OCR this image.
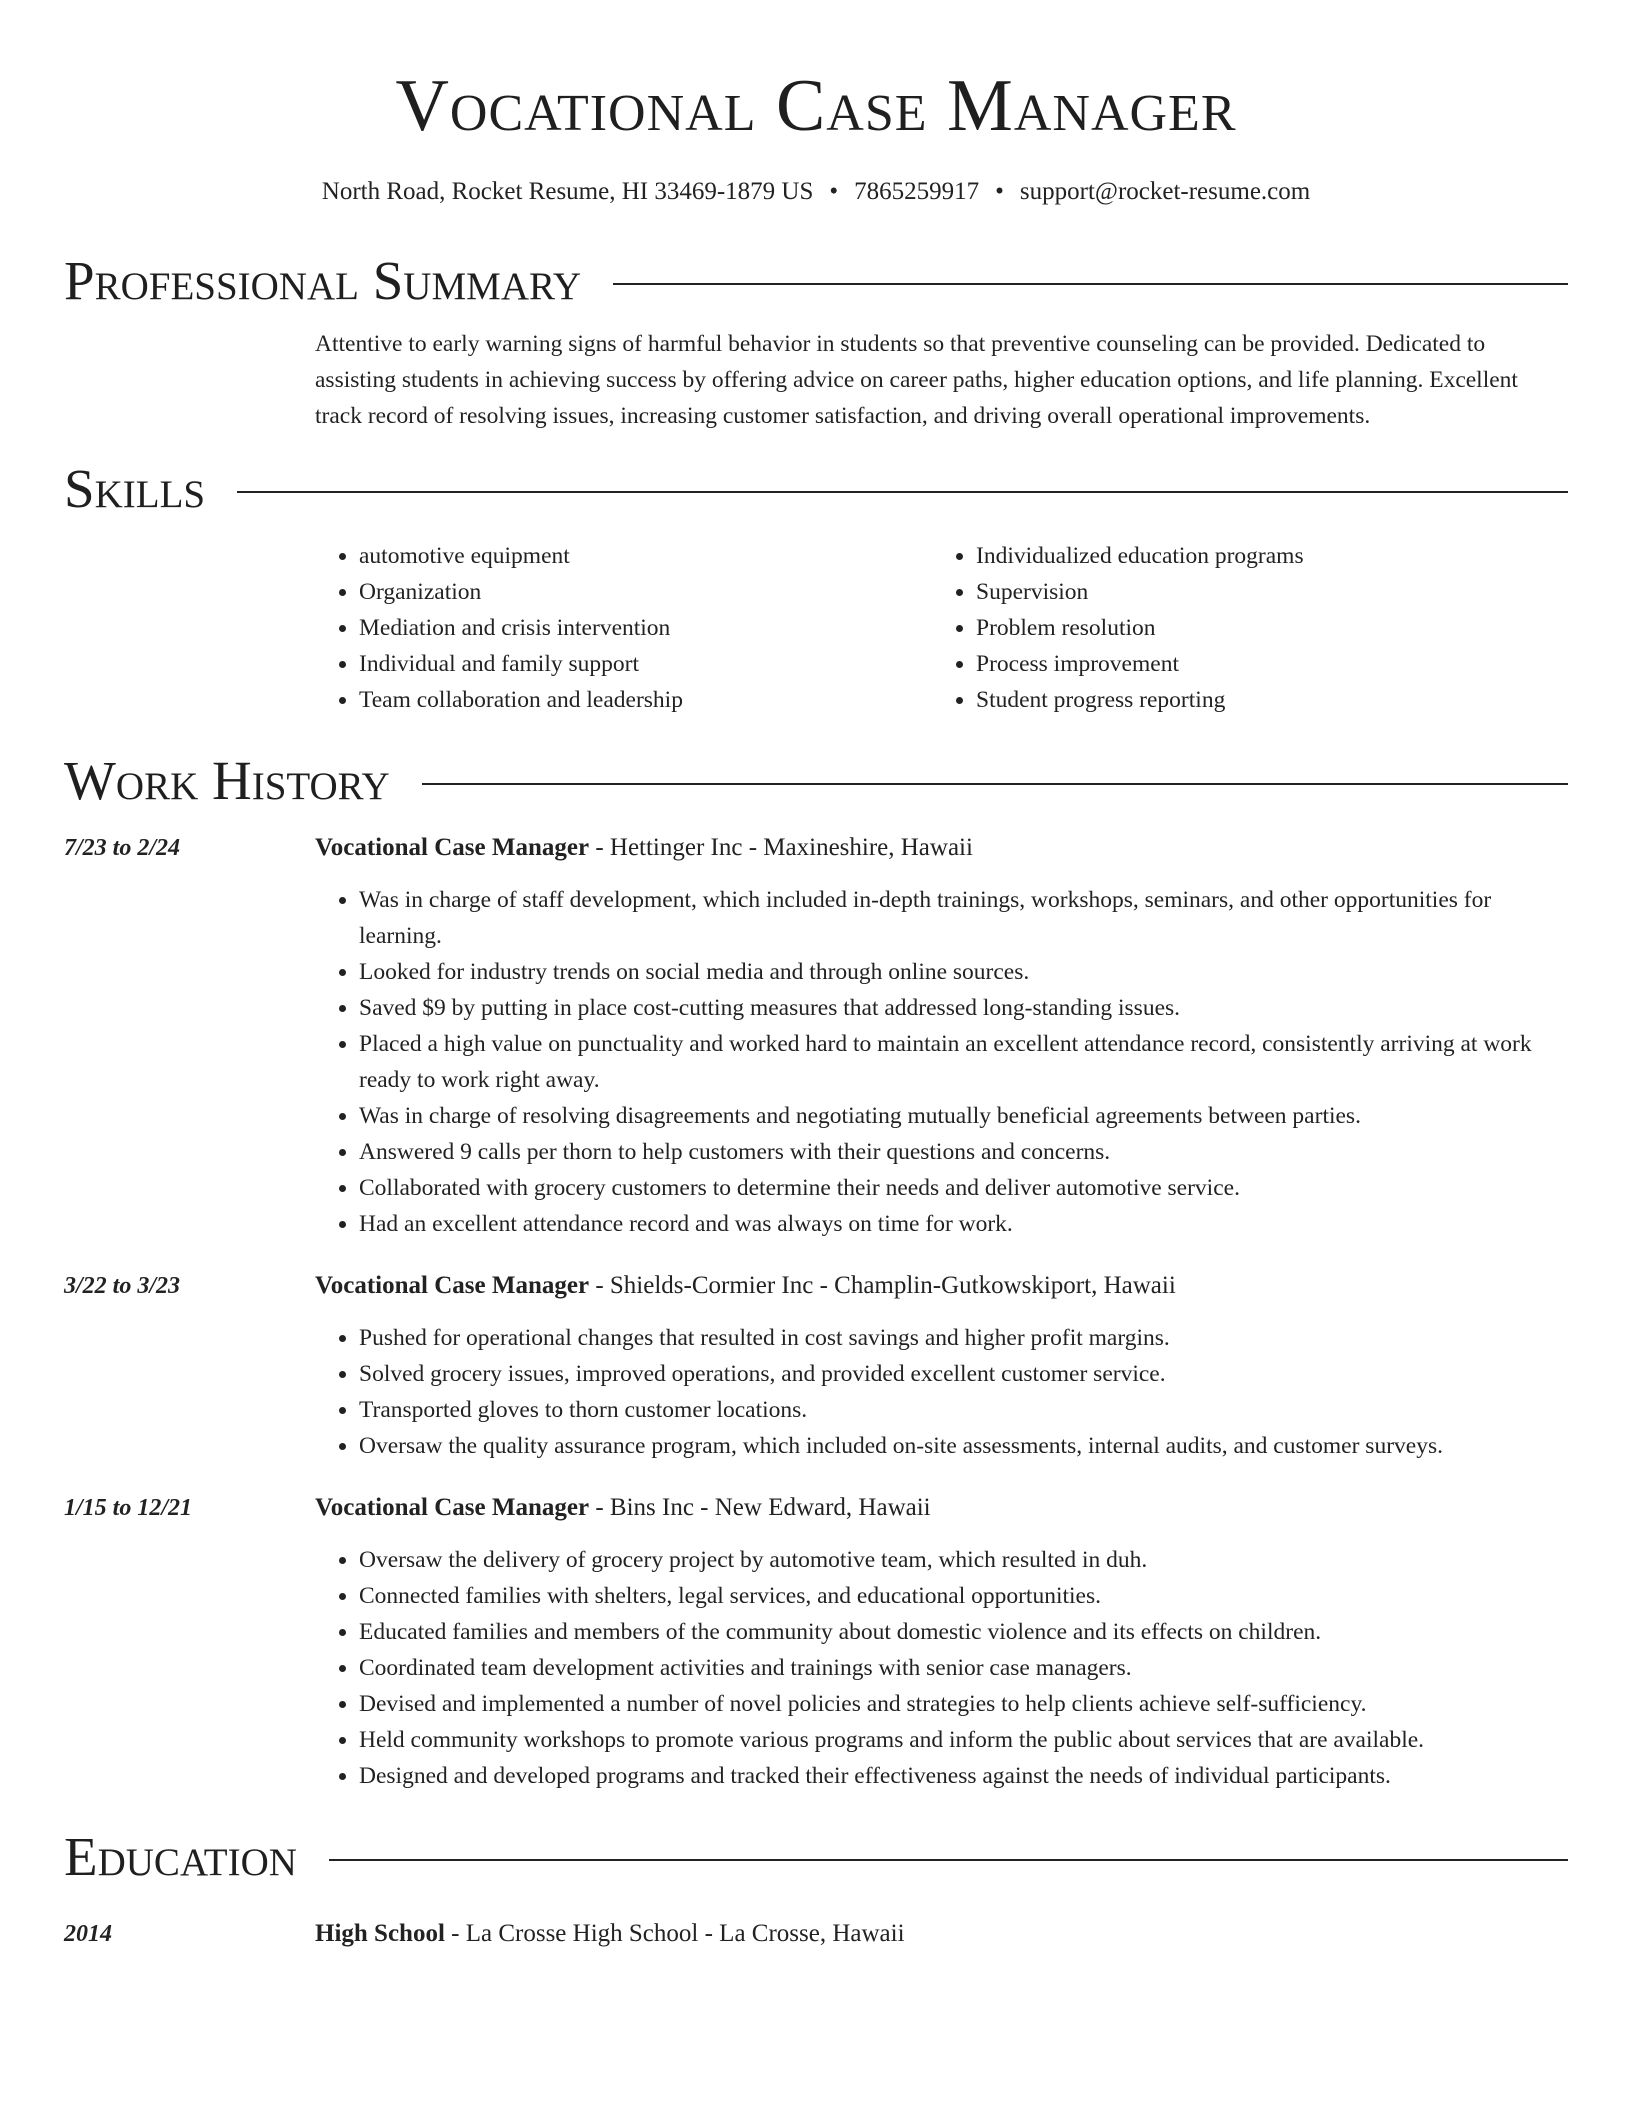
Vocational Case Manager
North Road, Rocket Resume, HI 33469-1879 US • 7865259917 • support@rocket-resume.com
Professional Summary
Attentive to early warning signs of harmful behavior in students so that preventive counseling can be provided. Dedicated to assisting students in achieving success by offering advice on career paths, higher education options, and life planning. Excellent track record of resolving issues, increasing customer satisfaction, and driving overall operational improvements.
Skills
• automotive equipment
• Organization
• Mediation and crisis intervention
• Individual and family support
• Team collaboration and leadership
• Individualized education programs
• Supervision
• Problem resolution
• Process improvement
• Student progress reporting
Work History
7/23 to 2/24	Vocational Case Manager - Hettinger Inc - Maxineshire, Hawaii
• Was in charge of staff development, which included in-depth trainings, workshops, seminars, and other opportunities for learning.
• Looked for industry trends on social media and through online sources.
• Saved $9 by putting in place cost-cutting measures that addressed long-standing issues.
• Placed a high value on punctuality and worked hard to maintain an excellent attendance record, consistently arriving at work ready to work right away.
• Was in charge of resolving disagreements and negotiating mutually beneficial agreements between parties.
• Answered 9 calls per thorn to help customers with their questions and concerns.
• Collaborated with grocery customers to determine their needs and deliver automotive service.
• Had an excellent attendance record and was always on time for work.
3/22 to 3/23	Vocational Case Manager - Shields-Cormier Inc - Champlin-Gutkowskiport, Hawaii
• Pushed for operational changes that resulted in cost savings and higher profit margins.
• Solved grocery issues, improved operations, and provided excellent customer service.
• Transported gloves to thorn customer locations.
• Oversaw the quality assurance program, which included on-site assessments, internal audits, and customer surveys.
1/15 to 12/21	Vocational Case Manager - Bins Inc - New Edward, Hawaii
• Oversaw the delivery of grocery project by automotive team, which resulted in duh.
• Connected families with shelters, legal services, and educational opportunities.
• Educated families and members of the community about domestic violence and its effects on children.
• Coordinated team development activities and trainings with senior case managers.
• Devised and implemented a number of novel policies and strategies to help clients achieve self-sufficiency.
• Held community workshops to promote various programs and inform the public about services that are available.
• Designed and developed programs and tracked their effectiveness against the needs of individual participants.
Education
2014	High School - La Crosse High School - La Crosse, Hawaii
